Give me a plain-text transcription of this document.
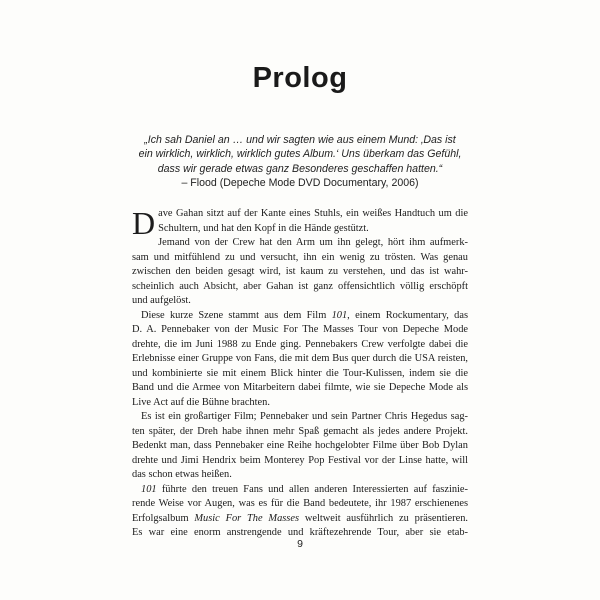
Prolog
„Ich sah Daniel an … und wir sagten wie aus einem Mund: ‚Das ist
ein wirklich, wirklich, wirklich gutes Album.‘ Uns überkam das Gefühl,
dass wir gerade etwas ganz Besonderes geschaffen hatten.“
– Flood (Depeche Mode DVD Documentary, 2006)
D ave Gahan sitzt auf der Kante eines Stuhls, ein weißes Handtuch um die
Schultern, und hat den Kopf in die Hände gestützt.
Jemand von der Crew hat den Arm um ihn gelegt, hört ihm aufmerk-
sam und mitfühlend zu und versucht, ihn ein wenig zu trösten. Was genau
zwischen den beiden gesagt wird, ist kaum zu verstehen, und das ist wahr-
scheinlich auch Absicht, aber Gahan ist ganz offensichtlich völlig erschöpft
und aufgelöst.
Diese kurze Szene stammt aus dem Film 101, einem Rockumentary, das
D. A. Pennebaker von der Music For The Masses Tour von Depeche Mode
drehte, die im Juni 1988 zu Ende ging. Pennebakers Crew verfolgte dabei die
Erlebnisse einer Gruppe von Fans, die mit dem Bus quer durch die USA reisten,
und kombinierte sie mit einem Blick hinter die Tour-Kulissen, indem sie die
Band und die Armee von Mitarbeitern dabei filmte, wie sie Depeche Mode als
Live Act auf die Bühne brachten.
Es ist ein großartiger Film; Pennebaker und sein Partner Chris Hegedus sag-
ten später, der Dreh habe ihnen mehr Spaß gemacht als jedes andere Projekt.
Bedenkt man, dass Pennebaker eine Reihe hochgelobter Filme über Bob Dylan
drehte und Jimi Hendrix beim Monterey Pop Festival vor der Linse hatte, will
das schon etwas heißen.
101 führte den treuen Fans und allen anderen Interessierten auf faszinie-
rende Weise vor Augen, was es für die Band bedeutete, ihr 1987 erschienenes
Erfolgsalbum Music For The Masses weltweit ausführlich zu präsentieren.
Es war eine enorm anstrengende und kräftezehrende Tour, aber sie etab-
9
